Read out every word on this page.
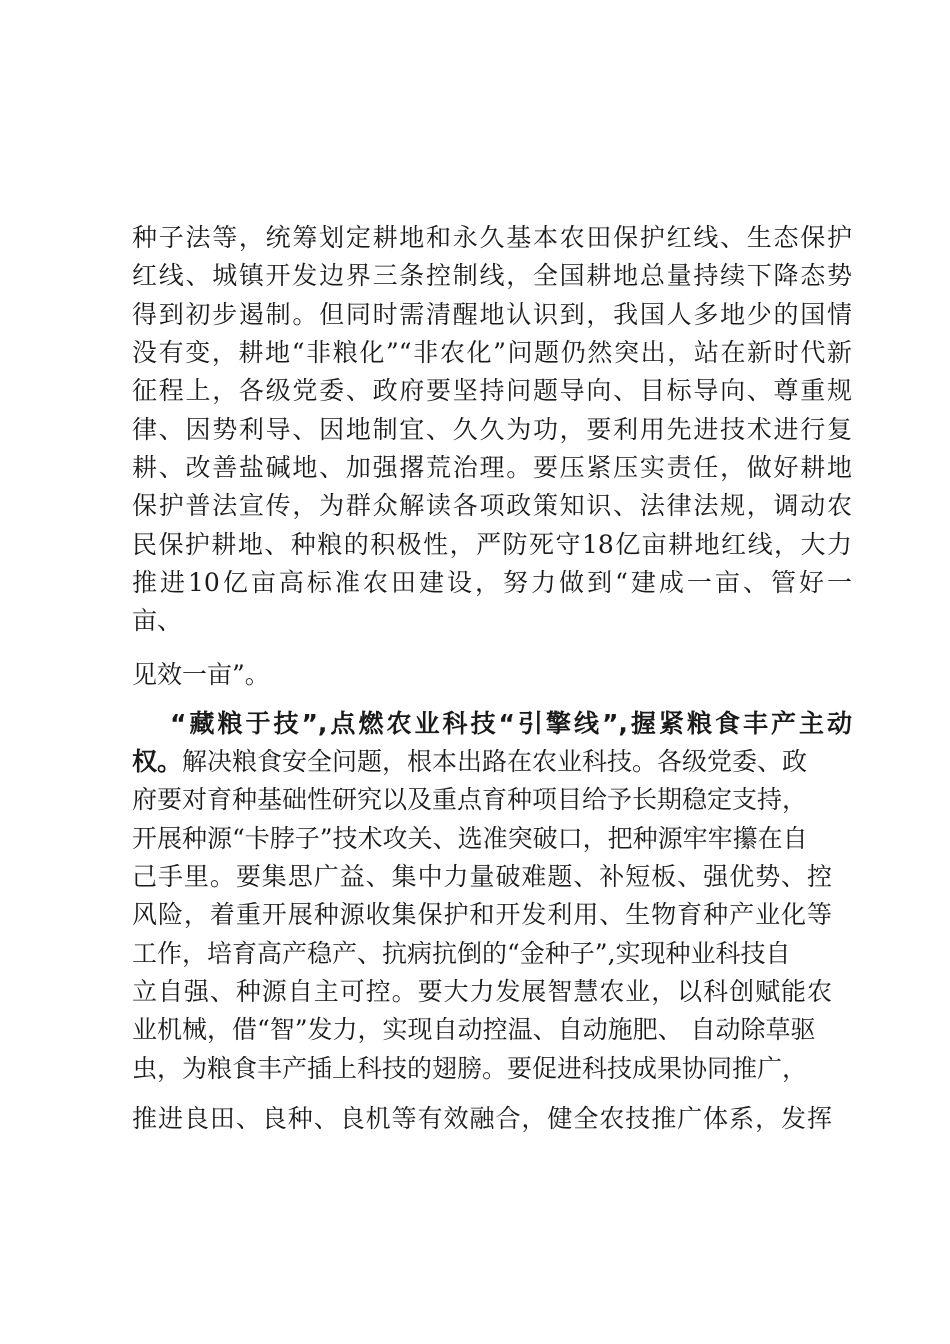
种子法等，统筹划定耕地和永久基本农田保护红线、生态保护
红线、城镇开发边界三条控制线，全国耕地总量持续下降态势
得到初步遏制。但同时需清醒地认识到，我国人多地少的国情
没有变，耕地“非粮化”“非农化”问题仍然突出，站在新时代新
征程上，各级党委、政府要坚持问题导向、目标导向、尊重规
律、因势利导、因地制宜、久久为功，要利用先进技术进行复
耕、改善盐碱地、加强撂荒治理。要压紧压实责任，做好耕地
保护普法宣传，为群众解读各项政策知识、法律法规，调动农
民保护耕地、种粮的积极性，严防死守18亿亩耕地红线，大力
推进10亿亩高标准农田建设，努力做到“建成一亩、管好一
亩、
见效一亩”。
“藏粮于技”,点燃农业科技“引擎线”,握紧粮食丰产主动
权。解决粮食安全问题，根本出路在农业科技。各级党委、政
府要对育种基础性研究以及重点育种项目给予长期稳定支持，
开展种源“卡脖子”技术攻关、选准突破口，把种源牢牢攥在自
己手里。要集思广益、集中力量破难题、补短板、强优势、控
风险，着重开展种源收集保护和开发利用、生物育种产业化等
工作，培育高产稳产、抗病抗倒的“金种子”,实现种业科技自
立自强、种源自主可控。要大力发展智慧农业，以科创赋能农
业机械，借“智”发力，实现自动控温、自动施肥、 自动除草驱
虫，为粮食丰产插上科技的翅膀。要促进科技成果协同推广，
推进良田、良种、良机等有效融合，健全农技推广体系，发挥
